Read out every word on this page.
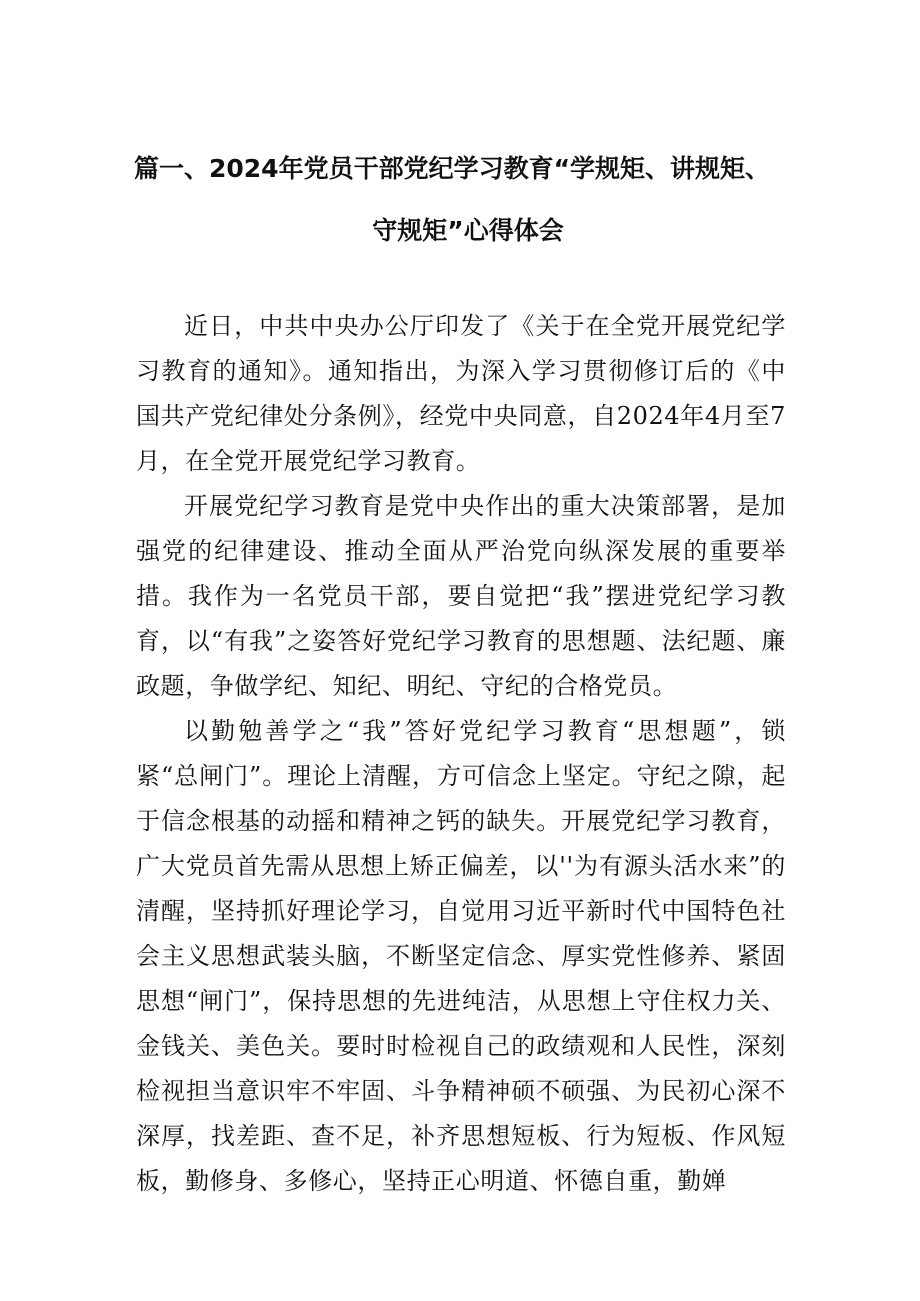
篇一、2024年党员干部党纪学习教育“学规矩、讲规矩、
守规矩”心得体会

近日，中共中央办公厅印发了《关于在全党开展党纪学习教育的通知》。通知指出，为深入学习贯彻修订后的《中国共产党纪律处分条例》，经党中央同意，自2024年4月至7月，在全党开展党纪学习教育。

开展党纪学习教育是党中央作出的重大决策部署，是加强党的纪律建设、推动全面从严治党向纵深发展的重要举措。我作为一名党员干部，要自觉把“我”摆进党纪学习教育，以“有我”之姿答好党纪学习教育的思想题、法纪题、廉政题，争做学纪、知纪、明纪、守纪的合格党员。

以勤勉善学之“我”答好党纪学习教育“思想题”，锁紧“总闸门”。理论上清醒，方可信念上坚定。守纪之隙，起于信念根基的动摇和精神之钙的缺失。开展党纪学习教育，广大党员首先需从思想上矫正偏差，以''为有源头活水来”的清醒，坚持抓好理论学习，自觉用习近平新时代中国特色社会主义思想武装头脑，不断坚定信念、厚实党性修养、紧固思想“闸门”，保持思想的先进纯洁，从思想上守住权力关、金钱关、美色关。要时时检视自己的政绩观和人民性，深刻检视担当意识牢不牢固、斗争精神硕不硕强、为民初心深不深厚，找差距、查不足，补齐思想短板、行为短板、作风短板，勤修身、多修心，坚持正心明道、怀德自重，勤婵
